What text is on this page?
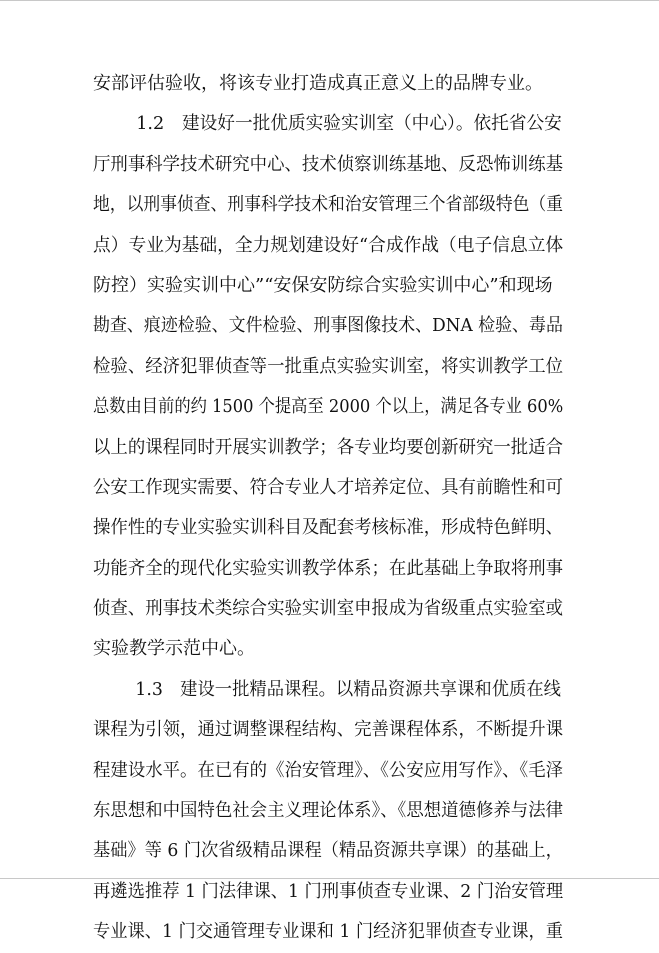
安部评估验收，将该专业打造成真正意义上的品牌专业。
1.2　建设好一批优质实验实训室（中心）。依托省公安
厅刑事科学技术研究中心、技术侦察训练基地、反恐怖训练基
地，以刑事侦查、刑事科学技术和治安管理三个省部级特色（重
点）专业为基础，全力规划建设好“合成作战（电子信息立体
防控）实验实训中心”“安保安防综合实验实训中心”和现场
勘查、痕迹检验、文件检验、刑事图像技术、DNA 检验、毒品
检验、经济犯罪侦查等一批重点实验实训室，将实训教学工位
总数由目前的约 1500 个提高至 2000 个以上，满足各专业 60%
以上的课程同时开展实训教学；各专业均要创新研究一批适合
公安工作现实需要、符合专业人才培养定位、具有前瞻性和可
操作性的专业实验实训科目及配套考核标准，形成特色鲜明、
功能齐全的现代化实验实训教学体系；在此基础上争取将刑事
侦查、刑事技术类综合实验实训室申报成为省级重点实验室或
实验教学示范中心。
1.3　建设一批精品课程。以精品资源共享课和优质在线
课程为引领，通过调整课程结构、完善课程体系，不断提升课
程建设水平。在已有的《治安管理》、《公安应用写作》、《毛泽
东思想和中国特色社会主义理论体系》、《思想道德修养与法律
基础》等 6 门次省级精品课程（精品资源共享课）的基础上，
再遴选推荐 1 门法律课、1 门刑事侦查专业课、2 门治安管理
专业课、1 门交通管理专业课和 1 门经济犯罪侦查专业课，重
